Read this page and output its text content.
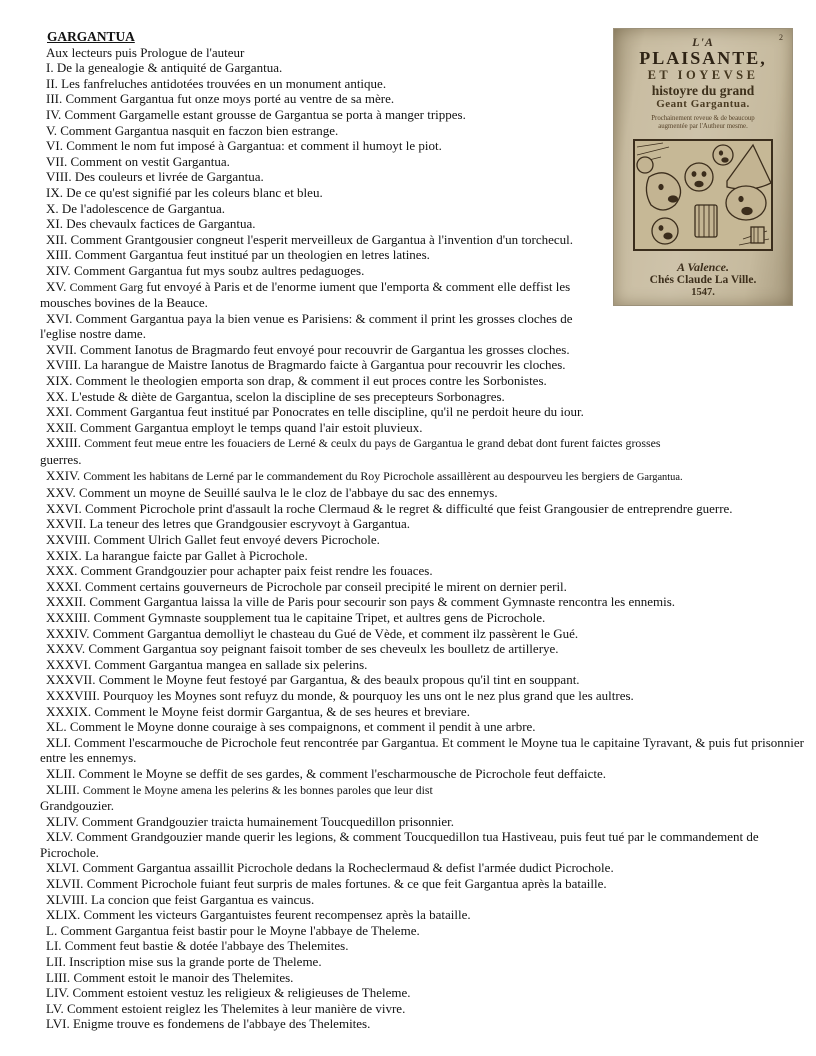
2
L'A
PLAISANTE,
ET IOYEVSE
histoyre du grand
Geant Gargantua.
Prochainement reveue & de beaucoup
augmentée par l'Autheur mesme.
A Valence.
Chés Claude La Ville.
1547.

GARGANTUA

Aux lecteurs puis Prologue de l'auteur

I. De la genealogie & antiquité de Gargantua.

II. Les fanfreluches antidotées trouvées en un monument antique.

III. Comment Gargantua fut onze moys porté au ventre de sa mère.

IV. Comment Gargamelle estant grousse de Gargantua se porta à manger trippes.

V. Comment Gargantua nasquit en faczon bien estrange.

VI. Comment le nom fut imposé à Gargantua: et comment il humoyt le piot.

VII. Comment on vestit Gargantua.

VIII. Des couleurs et livrée de Gargantua.

IX. De ce qu'est signifié par les coleurs blanc et bleu.

X. De l'adolescence de Gargantua.

XI. Des chevaulx factices de Gargantua.

XII. Comment Grantgousier congneut l'esperit merveilleux de Gargantua à l'invention d'un torchecul.

XIII. Comment Gargantua feut institué par un theologien en letres latines.

XIV. Comment Gargantua fut mys soubz aultres pedaguoges.

XV. Comment Garg fut envoyé à Paris et de l'enorme iument que l'emporta & comment elle deffist les mousches bovines de la Beauce.

XVI. Comment Gargantua paya la bien venue es Parisiens: & comment il print les grosses cloches de l'eglise nostre dame.

XVII. Comment Ianotus de Bragmardo feut envoyé pour recouvrir de Gargantua les grosses cloches.

XVIII. La harangue de Maistre Ianotus de Bragmardo faicte à Gargantua pour recouvrir les cloches.

XIX. Comment le theologien emporta son drap, & comment il eut proces contre les Sorbonistes.

XX. L'estude & diète de Gargantua, scelon la discipline de ses precepteurs Sorbonagres.

XXI. Comment Gargantua feut institué par Ponocrates en telle discipline, qu'il ne perdoit heure du iour.

XXII. Comment Gargantua employt le temps quand l'air estoit pluvieux.

XXIII. Comment feut meue entre les fouaciers de Lerné & ceulx du pays de Gargantua le grand debat dont furent faictes grosses
guerres.

XXIV. Comment les habitans de Lerné par le commandement du Roy Picrochole assaillèrent au despourveu les bergiers de Gargantua.

XXV. Comment un moyne de Seuillé saulva le le cloz de l'abbaye du sac des ennemys.

XXVI. Comment Picrochole print d'assault la roche Clermaud & le regret & difficulté que feist Grangousier de entreprendre guerre.

XXVII. La teneur des letres que Grandgousier escryvoyt à Gargantua.

XXVIII. Comment Ulrich Gallet feut envoyé devers Picrochole.

XXIX. La harangue faicte par Gallet à Picrochole.

XXX. Comment Grandgouzier pour achapter paix feist rendre les fouaces.

XXXI. Comment certains gouverneurs de Picrochole par conseil precipité le mirent on dernier peril.

XXXII. Comment Gargantua laissa la ville de Paris pour secourir son pays & comment Gymnaste rencontra les ennemis.

XXXIII. Comment Gymnaste soupplement tua le capitaine Tripet, et aultres gens de Picrochole.

XXXIV. Comment Gargantua demolliyt le chasteau du Gué de Vède, et comment ilz passèrent le Gué.

XXXV. Comment Gargantua soy peignant faisoit tomber de ses cheveulx les boulletz de artillerye.

XXXVI. Comment Gargantua mangea en sallade six pelerins.

XXXVII. Comment le Moyne feut festoyé par Gargantua, & des beaulx propous qu'il tint en souppant.

XXXVIII. Pourquoy les Moynes sont refuyz du monde, & pourquoy les uns ont le nez plus grand que les aultres.

XXXIX. Comment le Moyne feist dormir Gargantua, & de ses heures et breviare.

XL. Comment le Moyne donne couraige à ses compaignons, et comment il pendit à une arbre.

XLI. Comment l'escarmouche de Picrochole feut rencontrée par Gargantua. Et comment le Moyne tua le capitaine Tyravant, & puis fut prisonnier entre les ennemys.

XLII. Comment le Moyne se deffit de ses gardes, & comment l'escharmousche de Picrochole feut deffaicte.

XLIII. Comment le Moyne amena les pelerins & les bonnes paroles que leur dist
Grandgouzier.

XLIV. Comment Grandgouzier traicta humainement Toucquedillon prisonnier.

XLV. Comment Grandgouzier mande querir les legions, & comment Toucquedillon tua Hastiveau, puis feut tué par le commandement de Picrochole.

XLVI. Comment Gargantua assaillit Picrochole dedans la Rocheclermaud & defist l'armée dudict Picrochole.

XLVII. Comment Picrochole fuiant feut surpris de males fortunes. & ce que feit Gargantua après la bataille.

XLVIII. La concion que feist Gargantua es vaincus.

XLIX. Comment les victeurs Gargantuistes feurent recompensez après la bataille.

L. Comment Gargantua feist bastir pour le Moyne l'abbaye de Theleme.

LI. Comment feut bastie & dotée l'abbaye des Thelemites.

LII. Inscription mise sus la grande porte de Theleme.

LIII. Comment estoit le manoir des Thelemites.

LIV. Comment estoient vestuz les religieux & religieuses de Theleme.

LV. Comment estoient reiglez les Thelemites à leur manière de vivre.

LVI. Enigme trouve es fondemens de l'abbaye des Thelemites.
